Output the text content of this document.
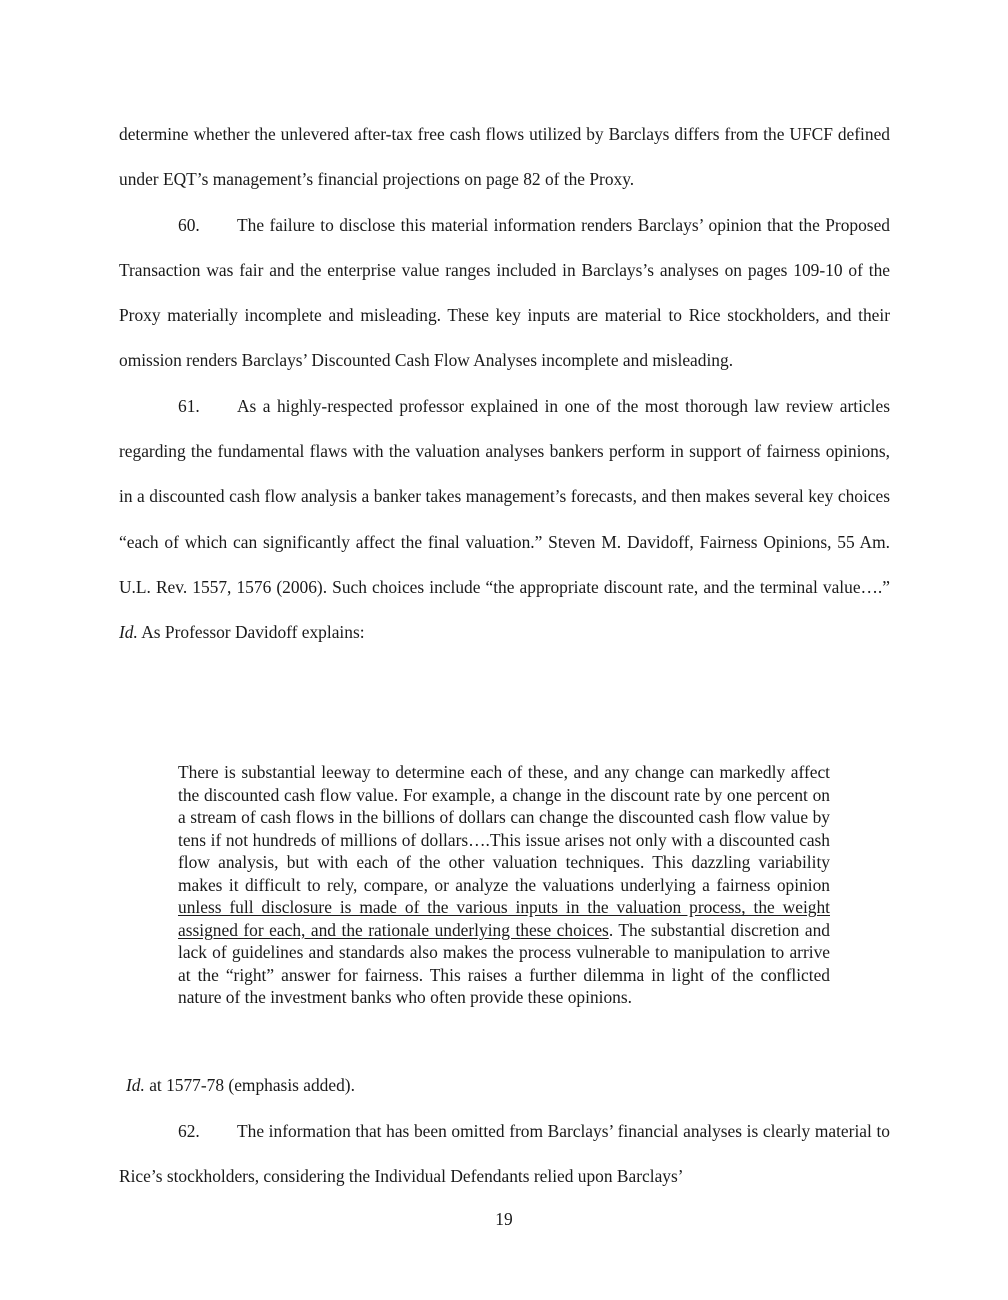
determine whether the unlevered after-tax free cash flows utilized by Barclays differs from the UFCF defined under EQT’s management’s financial projections on page 82 of the Proxy.

60. The failure to disclose this material information renders Barclays’ opinion that the Proposed Transaction was fair and the enterprise value ranges included in Barclays’s analyses on pages 109-10 of the Proxy materially incomplete and misleading. These key inputs are material to Rice stockholders, and their omission renders Barclays’ Discounted Cash Flow Analyses incomplete and misleading.

61. As a highly-respected professor explained in one of the most thorough law review articles regarding the fundamental flaws with the valuation analyses bankers perform in support of fairness opinions, in a discounted cash flow analysis a banker takes management’s forecasts, and then makes several key choices “each of which can significantly affect the final valuation.” Steven M. Davidoff, Fairness Opinions, 55 Am. U.L. Rev. 1557, 1576 (2006). Such choices include “the appropriate discount rate, and the terminal value….” Id. As Professor Davidoff explains:

There is substantial leeway to determine each of these, and any change can markedly affect the discounted cash flow value. For example, a change in the discount rate by one percent on a stream of cash flows in the billions of dollars can change the discounted cash flow value by tens if not hundreds of millions of dollars….This issue arises not only with a discounted cash flow analysis, but with each of the other valuation techniques. This dazzling variability makes it difficult to rely, compare, or analyze the valuations underlying a fairness opinion unless full disclosure is made of the various inputs in the valuation process, the weight assigned for each, and the rationale underlying these choices. The substantial discretion and lack of guidelines and standards also makes the process vulnerable to manipulation to arrive at the “right” answer for fairness. This raises a further dilemma in light of the conflicted nature of the investment banks who often provide these opinions.

Id. at 1577-78 (emphasis added).

62. The information that has been omitted from Barclays’ financial analyses is clearly material to Rice’s stockholders, considering the Individual Defendants relied upon Barclays’

19
